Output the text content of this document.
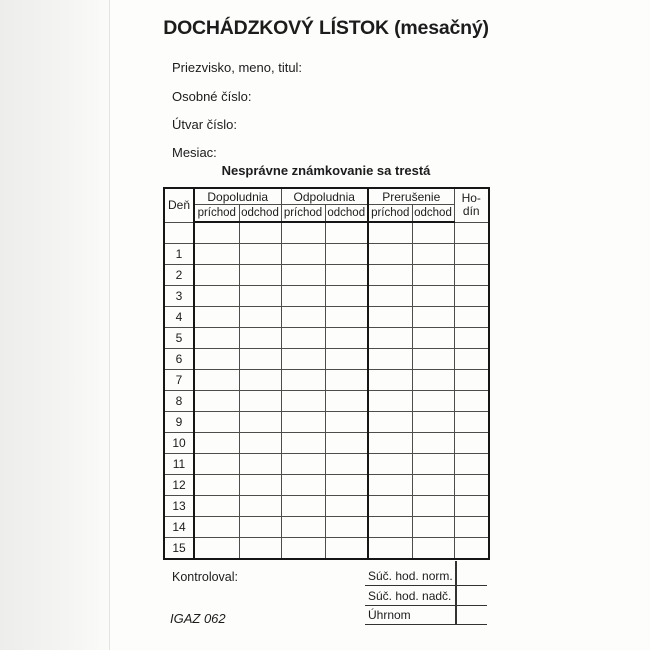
DOCHÁDZKOVÝ LÍSTOK (mesačný)
Priezvisko, meno, titul:
Osobné číslo:
Útvar číslo:
Mesiac:
Nesprávne známkovanie sa trestá
Deň	Dopoludnia		Odpoludnia		Prerušenie		Ho-
dín
	príchod	odchod	príchod	odchod	príchod	odchod	

1							
2							
3							
4							
5							
6							
7							
8							
9							
10							
11							
12							
13							
14							
15							
Kontroloval:	Súč. hod. norm.
Súč. hod. nadč.
Úhrnom
IGAZ 062
